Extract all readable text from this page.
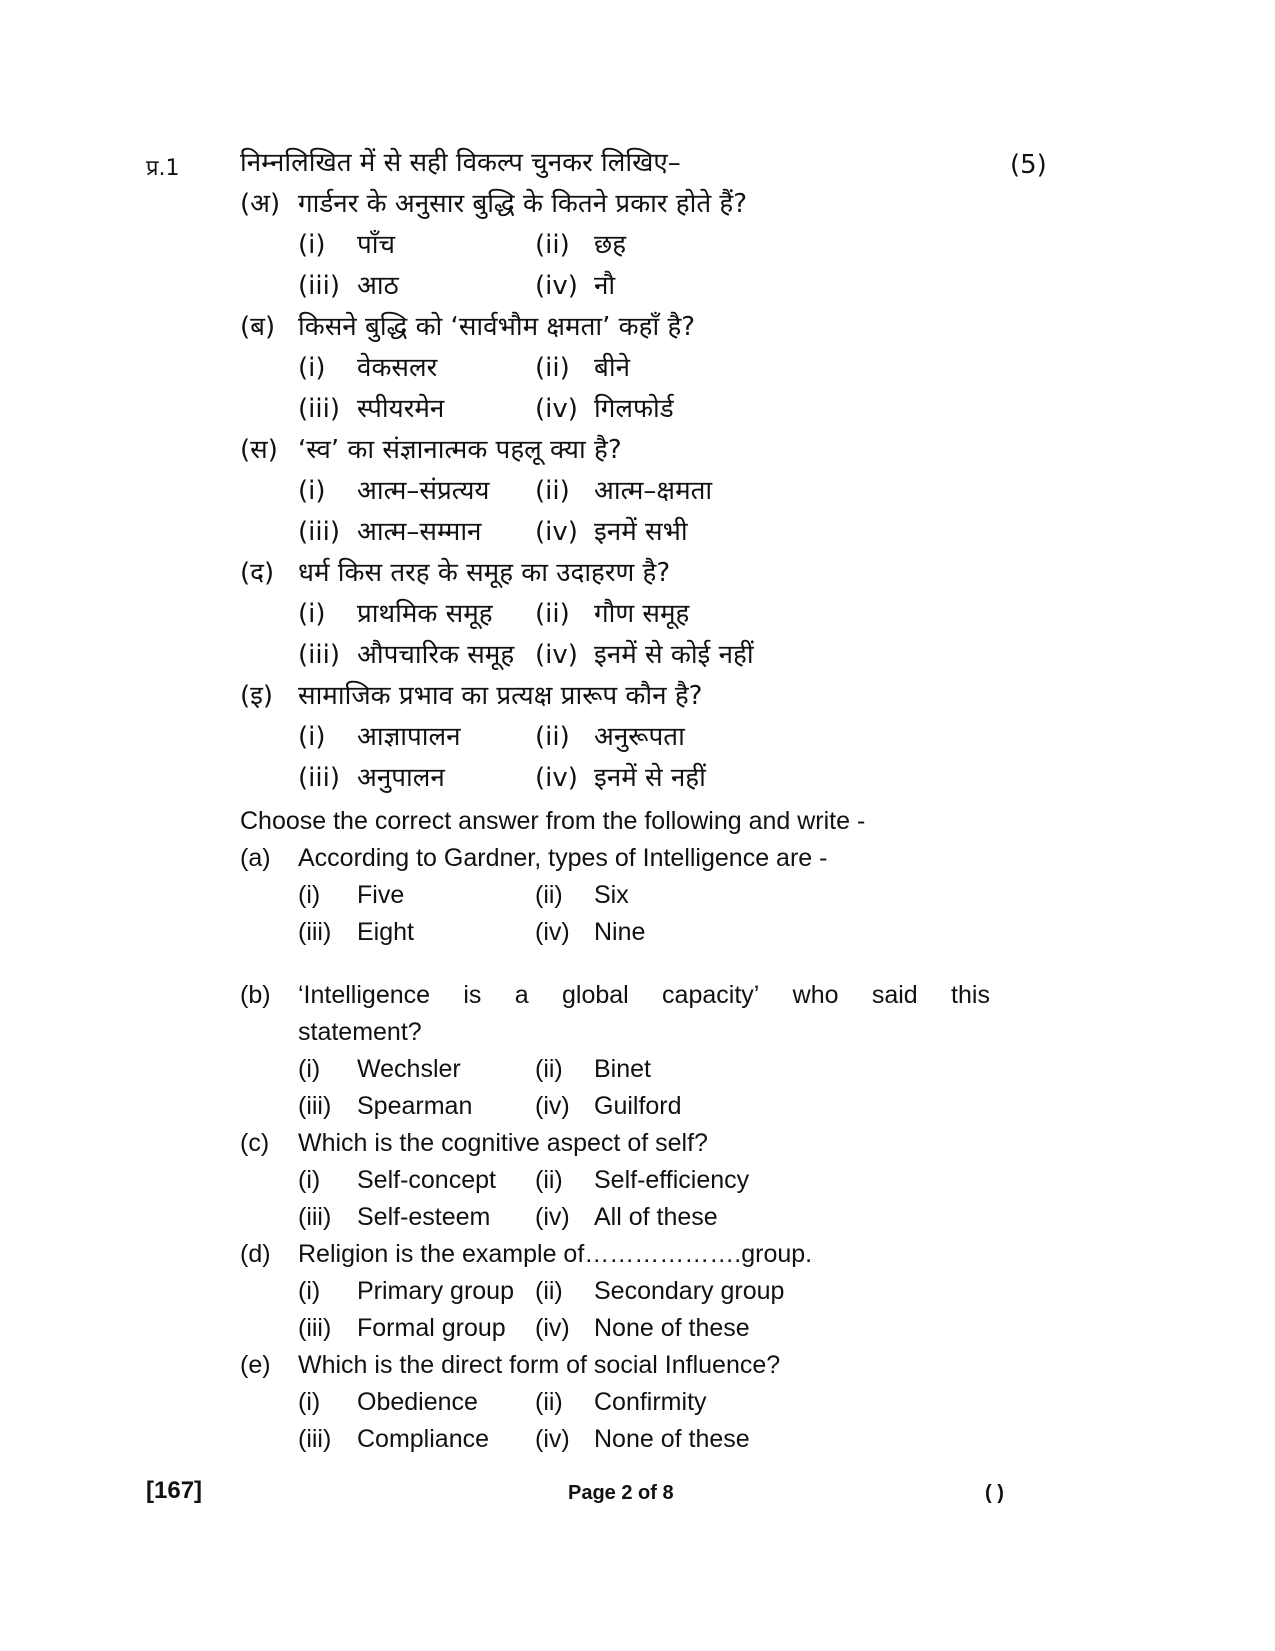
प्र.1 निम्नलिखित में से सही विकल्प चुनकर लिखिए–	(5)
(अ) गार्डनर के अनुसार बुद्धि के कितने प्रकार होते हैं?
(i) पाँच	(ii) छह
(iii) आठ	(iv) नौ
(ब) किसने बुद्धि को ‘सार्वभौम क्षमता’ कहाँ है?
(i) वेकसलर	(ii) बीने
(iii) स्पीयरमेन	(iv) गिलफोर्ड
(स) ‘स्व’ का संज्ञानात्मक पहलू क्या है?
(i) आत्म–संप्रत्यय (ii) आत्म–क्षमता
(iii) आत्म–सम्मान (iv) इनमें सभी
(द) धर्म किस तरह के समूह का उदाहरण है?
(i) प्राथमिक समूह (ii) गौण समूह
(iii) औपचारिक समूह (iv) इनमें से कोई नहीं
(इ) सामाजिक प्रभाव का प्रत्यक्ष प्रारूप कौन है?
(i) आज्ञापालन	(ii) अनुरूपता
(iii) अनुपालन	(iv) इनमें से नहीं
Choose the correct answer from the following and write -
(a) According to Gardner, types of Intelligence are -
(i) Five	(ii) Six
(iii) Eight	(iv) Nine
(b) ‘Intelligence is a global capacity’ who said this
statement?
(i) Wechsler	(ii) Binet
(iii) Spearman	(iv) Guilford
(c) Which is the cognitive aspect of self?
(i) Self-concept (ii) Self-efficiency
(iii) Self-esteem (iv) All of these
(d) Religion is the example of……………….group.
(i) Primary group (ii) Secondary group
(iii) Formal group (iv) None of these
(e) Which is the direct form of social Influence?
(i) Obedience (ii) Confirmity
(iii) Compliance (iv) None of these
[167]	Page 2 of 8	( )
